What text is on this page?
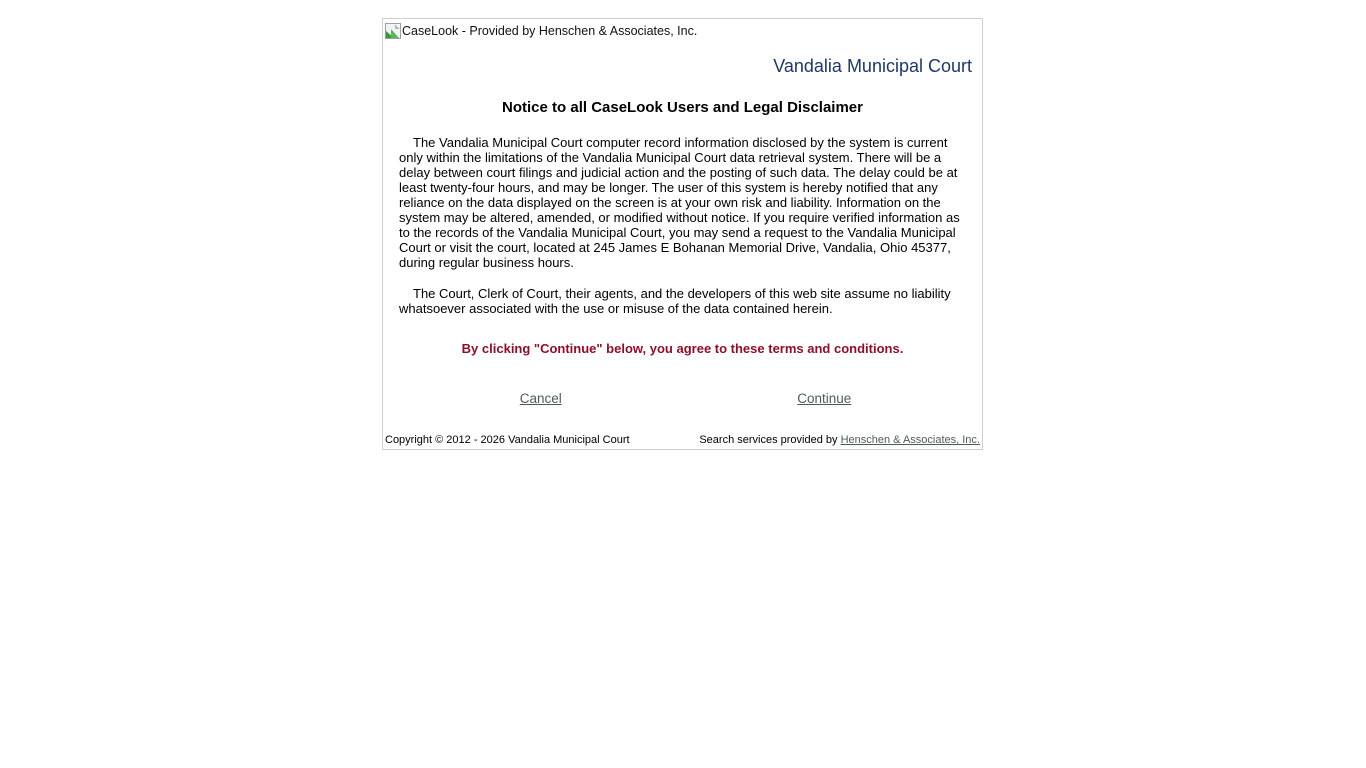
CaseLook - Provided by Henschen & Associates, Inc.
Vandalia Municipal Court
Notice to all CaseLook Users and Legal Disclaimer

The Vandalia Municipal Court computer record information disclosed by the system is current only within the limitations of the Vandalia Municipal Court data retrieval system. There will be a delay between court filings and judicial action and the posting of such data. The delay could be at least twenty-four hours, and may be longer. The user of this system is hereby notified that any reliance on the data displayed on the screen is at your own risk and liability. Information on the system may be altered, amended, or modified without notice. If you require verified information as to the records of the Vandalia Municipal Court, you may send a request to the Vandalia Municipal Court or visit the court, located at 245 James E Bohanan Memorial Drive, Vandalia, Ohio 45377, during regular business hours.

The Court, Clerk of Court, their agents, and the developers of this web site assume no liability whatsoever associated with the use or misuse of the data contained herein.

By clicking "Continue" below, you agree to these terms and conditions.

Cancel	Continue
Copyright © 2012 - 2026 Vandalia Municipal Court	Search services provided by Henschen & Associates, Inc.
